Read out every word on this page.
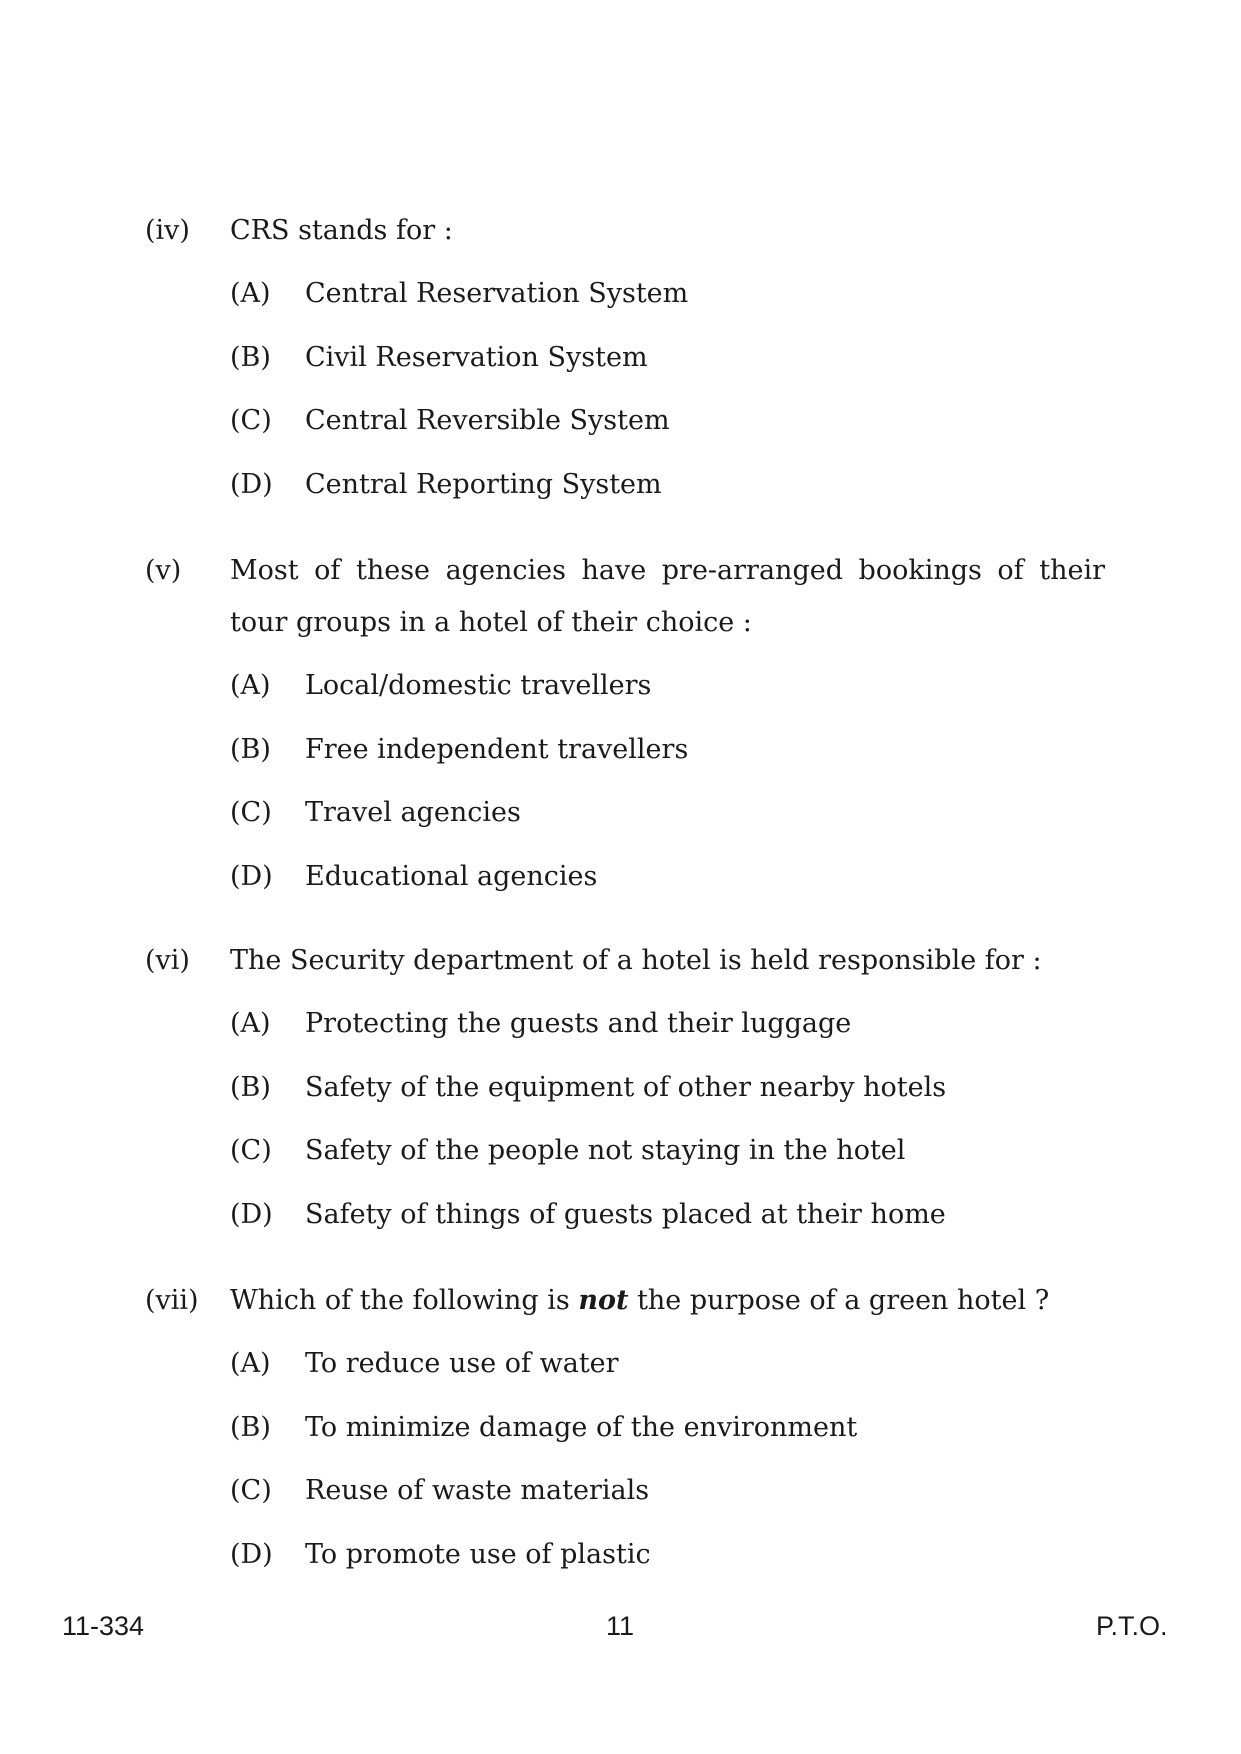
(iv) CRS stands for :
(A) Central Reservation System
(B) Civil Reservation System
(C) Central Reversible System
(D) Central Reporting System
(v) Most of these agencies have pre-arranged bookings of their tour groups in a hotel of their choice :
(A) Local/domestic travellers
(B) Free independent travellers
(C) Travel agencies
(D) Educational agencies
(vi) The Security department of a hotel is held responsible for :
(A) Protecting the guests and their luggage
(B) Safety of the equipment of other nearby hotels
(C) Safety of the people not staying in the hotel
(D) Safety of things of guests placed at their home
(vii) Which of the following is not the purpose of a green hotel ?
(A) To reduce use of water
(B) To minimize damage of the environment
(C) Reuse of waste materials
(D) To promote use of plastic
11-334	11	P.T.O.
